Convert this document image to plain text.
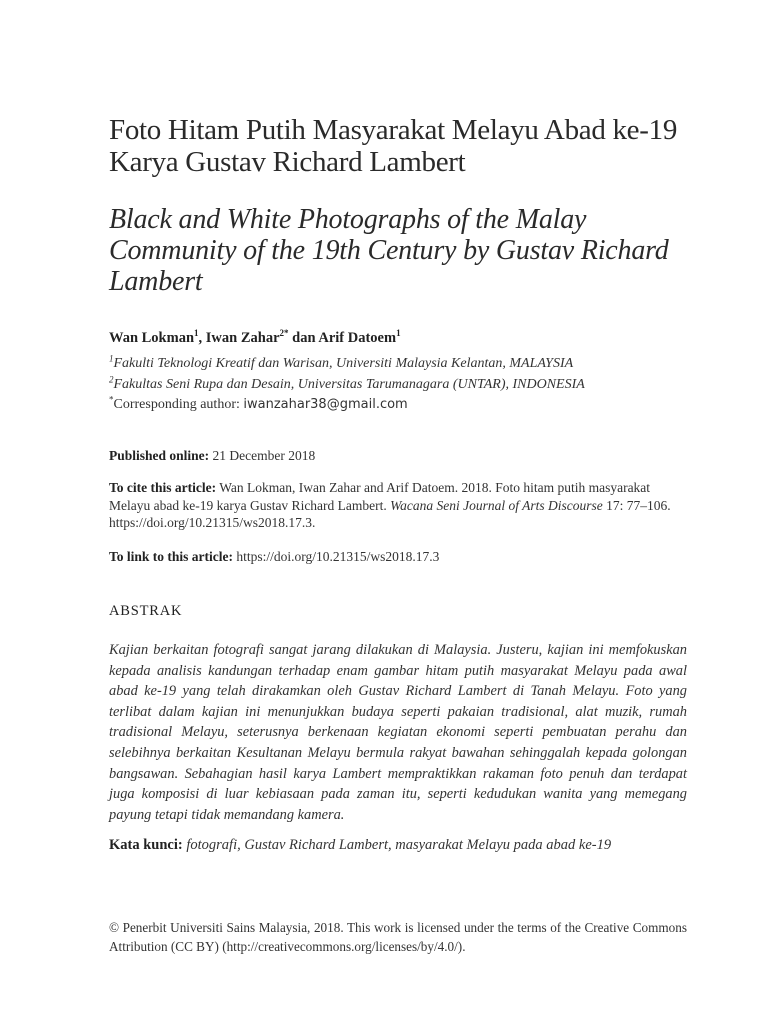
Foto Hitam Putih Masyarakat Melayu Abad ke-19 Karya Gustav Richard Lambert
Black and White Photographs of the Malay Community of the 19th Century by Gustav Richard Lambert
Wan Lokman$^1$, Iwan Zahar$^{2*}$ dan Arif Datoem$^1$
$^1$Fakulti Teknologi Kreatif dan Warisan, Universiti Malaysia Kelantan, MALAYSIA
$^2$Fakultas Seni Rupa dan Desain, Universitas Tarumanagara (UNTAR), INDONESIA
*Corresponding author: iwanzahar38@gmail.com
Published online: 21 December 2018
To cite this article: Wan Lokman, Iwan Zahar and Arif Datoem. 2018. Foto hitam putih masyarakat Melayu abad ke-19 karya Gustav Richard Lambert. Wacana Seni Journal of Arts Discourse 17: 77–106. https://doi.org/10.21315/ws2018.17.3.
To link to this article: https://doi.org/10.21315/ws2018.17.3
ABSTRAK

Kajian berkaitan fotografi sangat jarang dilakukan di Malaysia. Justeru, kajian ini memfokuskan kepada analisis kandungan terhadap enam gambar hitam putih masyarakat Melayu pada awal abad ke-19 yang telah dirakamkan oleh Gustav Richard Lambert di Tanah Melayu. Foto yang terlibat dalam kajian ini menunjukkan budaya seperti pakaian tradisional, alat muzik, rumah tradisional Melayu, seterusnya berkenaan kegiatan ekonomi seperti pembuatan perahu dan selebihnya berkaitan Kesultanan Melayu bermula rakyat bawahan sehinggalah kepada golongan bangsawan. Sebahagian hasil karya Lambert mempraktikkan rakaman foto penuh dan terdapat juga komposisi di luar kebiasaan pada zaman itu, seperti kedudukan wanita yang memegang payung tetapi tidak memandang kamera.

Kata kunci: fotografi, Gustav Richard Lambert, masyarakat Melayu pada abad ke-19

© Penerbit Universiti Sains Malaysia, 2018. This work is licensed under the terms of the Creative Commons Attribution (CC BY) (http://creativecommons.org/licenses/by/4.0/).
